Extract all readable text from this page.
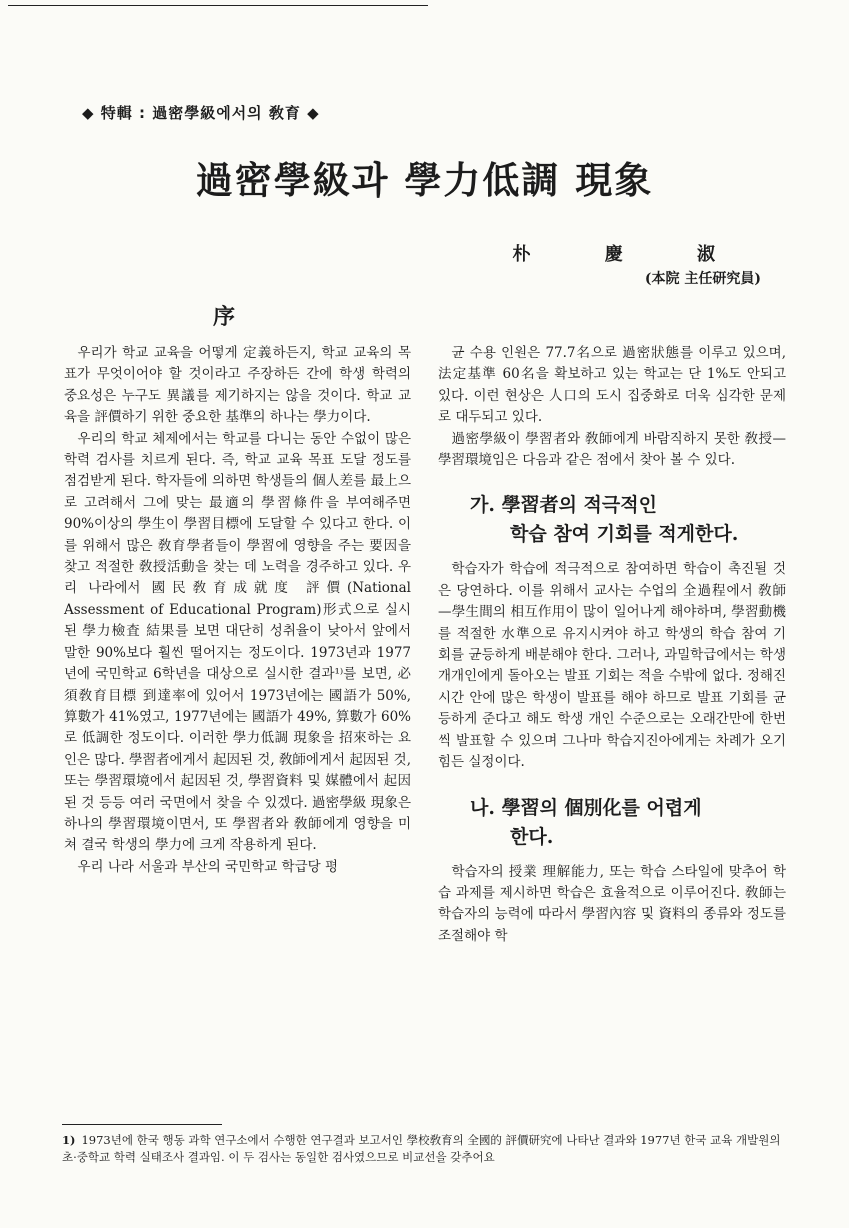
◆ 特輯 : 過密學級에서의 敎育 ◆
過密學級과 學力低調 現象
朴 慶 淑
(本院 主任研究員)
序

우리가 학교 교육을 어떻게 定義하든지, 학교 교육의 목표가 무엇이어야 할 것이라고 주장하든 간에 학생 학력의 중요성은 누구도 異議를 제기하지는 않을 것이다. 학교 교육을 評價하기 위한 중요한 基準의 하나는 學力이다.

우리의 학교 체제에서는 학교를 다니는 동안 수없이 많은 학력 검사를 치르게 된다. 즉, 학교 교육 목표 도달 정도를 점검받게 된다. 학자들에 의하면 학생들의 個人差를 最上으로 고려해서 그에 맞는 最適의 學習條件을 부여해주면 90%이상의 學生이 學習目標에 도달할 수 있다고 한다. 이를 위해서 많은 敎育學者들이 學習에 영향을 주는 要因을 찾고 적절한 敎授活動을 찾는 데 노력을 경주하고 있다. 우리 나라에서 國民敎育成就度 評價(National Assessment of Educational Program)形式으로 실시된 學力檢査 結果를 보면 대단히 성취율이 낮아서 앞에서 말한 90%보다 훨씬 떨어지는 정도이다. 1973년과 1977년에 국민학교 6학년을 대상으로 실시한 결과¹⁾를 보면, 必須敎育目標 到達率에 있어서 1973년에는 國語가 50%, 算數가 41%였고, 1977년에는 國語가 49%, 算數가 60%로 低調한 정도이다. 이러한 學力低調 現象을 招來하는 요인은 많다. 學習者에게서 起因된 것, 敎師에게서 起因된 것, 또는 學習環境에서 起因된 것, 學習資料 및 媒體에서 起因된 것 등등 여러 국면에서 찾을 수 있겠다. 過密學級 現象은 하나의 學習環境이면서, 또 學習者와 敎師에게 영향을 미쳐 결국 학생의 學力에 크게 작용하게 된다.

우리 나라 서울과 부산의 국민학교 학급당 평

균 수용 인원은 77.7名으로 過密狀態를 이루고 있으며, 法定基準 60名을 확보하고 있는 학교는 단 1%도 안되고 있다. 이런 현상은 人口의 도시 집중화로 더욱 심각한 문제로 대두되고 있다.

過密學級이 學習者와 敎師에게 바람직하지 못한 敎授—學習環境임은 다음과 같은 점에서 찾아 볼 수 있다.

가. 學習者의 적극적인
학습 참여 기회를 적게한다.

학습자가 학습에 적극적으로 참여하면 학습이 촉진될 것은 당연하다. 이를 위해서 교사는 수업의 全過程에서 敎師—學生間의 相互作用이 많이 일어나게 해야하며, 學習動機를 적절한 水準으로 유지시켜야 하고 학생의 학습 참여 기회를 균등하게 배분해야 한다. 그러나, 과밀학급에서는 학생 개개인에게 돌아오는 발표 기회는 적을 수밖에 없다. 정해진 시간 안에 많은 학생이 발표를 해야 하므로 발표 기회를 균등하게 준다고 해도 학생 개인 수준으로는 오래간만에 한번씩 발표할 수 있으며 그나마 학습지진아에게는 차례가 오기 힘든 실정이다.

나. 學習의 個別化를 어렵게
한다.

학습자의 授業 理解能力, 또는 학습 스타일에 맞추어 학습 과제를 제시하면 학습은 효율적으로 이루어진다. 敎師는 학습자의 능력에 따라서 學習內容 및 資料의 종류와 정도를 조절해야 학

1) 1973년에 한국 행동 과학 연구소에서 수행한 연구결과 보고서인 學校敎育의 全國的 評價研究에 나타난 결과와 1977년 한국 교육 개발원의 초·중학교 학력 실태조사 결과임. 이 두 검사는 동일한 검사였으므로 비교선을 갖추어요
